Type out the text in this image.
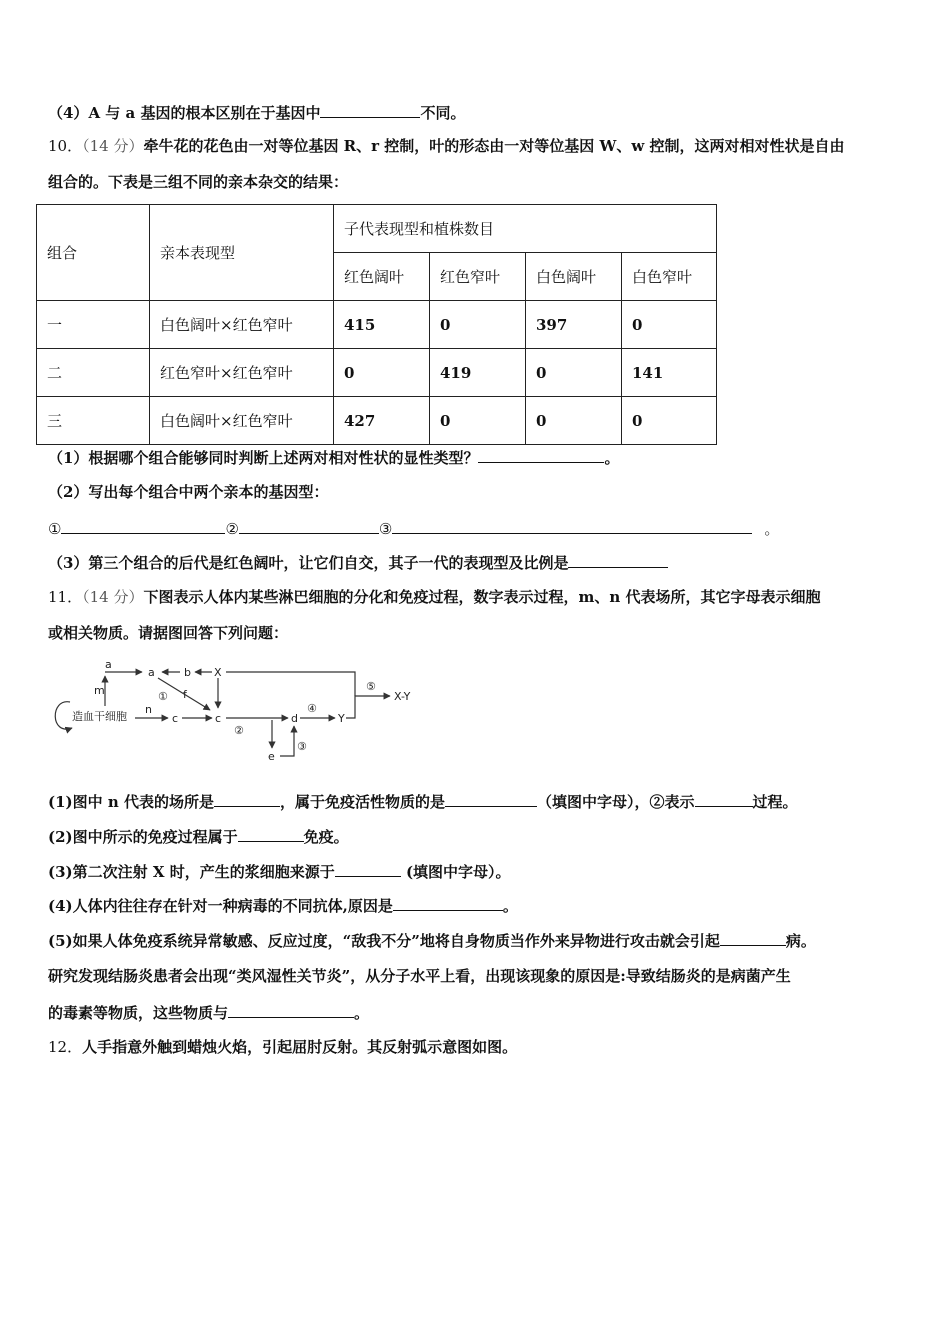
（4）A 与 a 基因的根本区别在于基因中	不同。
10．（14 分）牵牛花的花色由一对等位基因 R、r 控制，叶的形态由一对等位基因 W、w 控制，这两对相对性状是自由
组合的。下表是三组不同的亲本杂交的结果：
组合	亲本表现型	子代表现型和植株数目			
		红色阔叶	红色窄叶	白色阔叶	白色窄叶
一	白色阔叶×红色窄叶	415	0	397	0
二	红色窄叶×红色窄叶	0	419	0	141
三	白色阔叶×红色窄叶	427	0	0	0
（1）根据哪个组合能够同时判断上述两对相对性状的显性类型？	。
（2）写出每个组合中两个亲本的基因型：
①	②	③	。
（3）第三个组合的后代是红色阔叶，让它们自交，其子一代的表现型及比例是
11．（14 分）下图表示人体内某些淋巴细胞的分化和免疫过程，数字表示过程，m、n 代表场所，其它字母表示细胞
或相关物质。请据图回答下列问题：
造血干细胞
m
a
a	b X
f
n
c	c	d	Y
e
X-Y
①
②
③
④
⑤
(1)图中 n 代表的场所是	，属于免疫活性物质的是	（填图中字母），②表示	过程。
(2)图中所示的免疫过程属于	免疫。
(3)第二次注射 X 时，产生的浆细胞来源于	(填图中字母）。
(4)人体内往往存在针对一种病毒的不同抗体,原因是	。
(5)如果人体免疫系统异常敏感、反应过度，“敌我不分”地将自身物质当作外来异物进行攻击就会引起	病。
研究发现结肠炎患者会出现“类风湿性关节炎”，从分子水平上看，出现该现象的原因是:导致结肠炎的是病菌产生
的毒素等物质，这些物质与	。
12．人手指意外触到蜡烛火焰，引起屈肘反射。其反射弧示意图如图。
